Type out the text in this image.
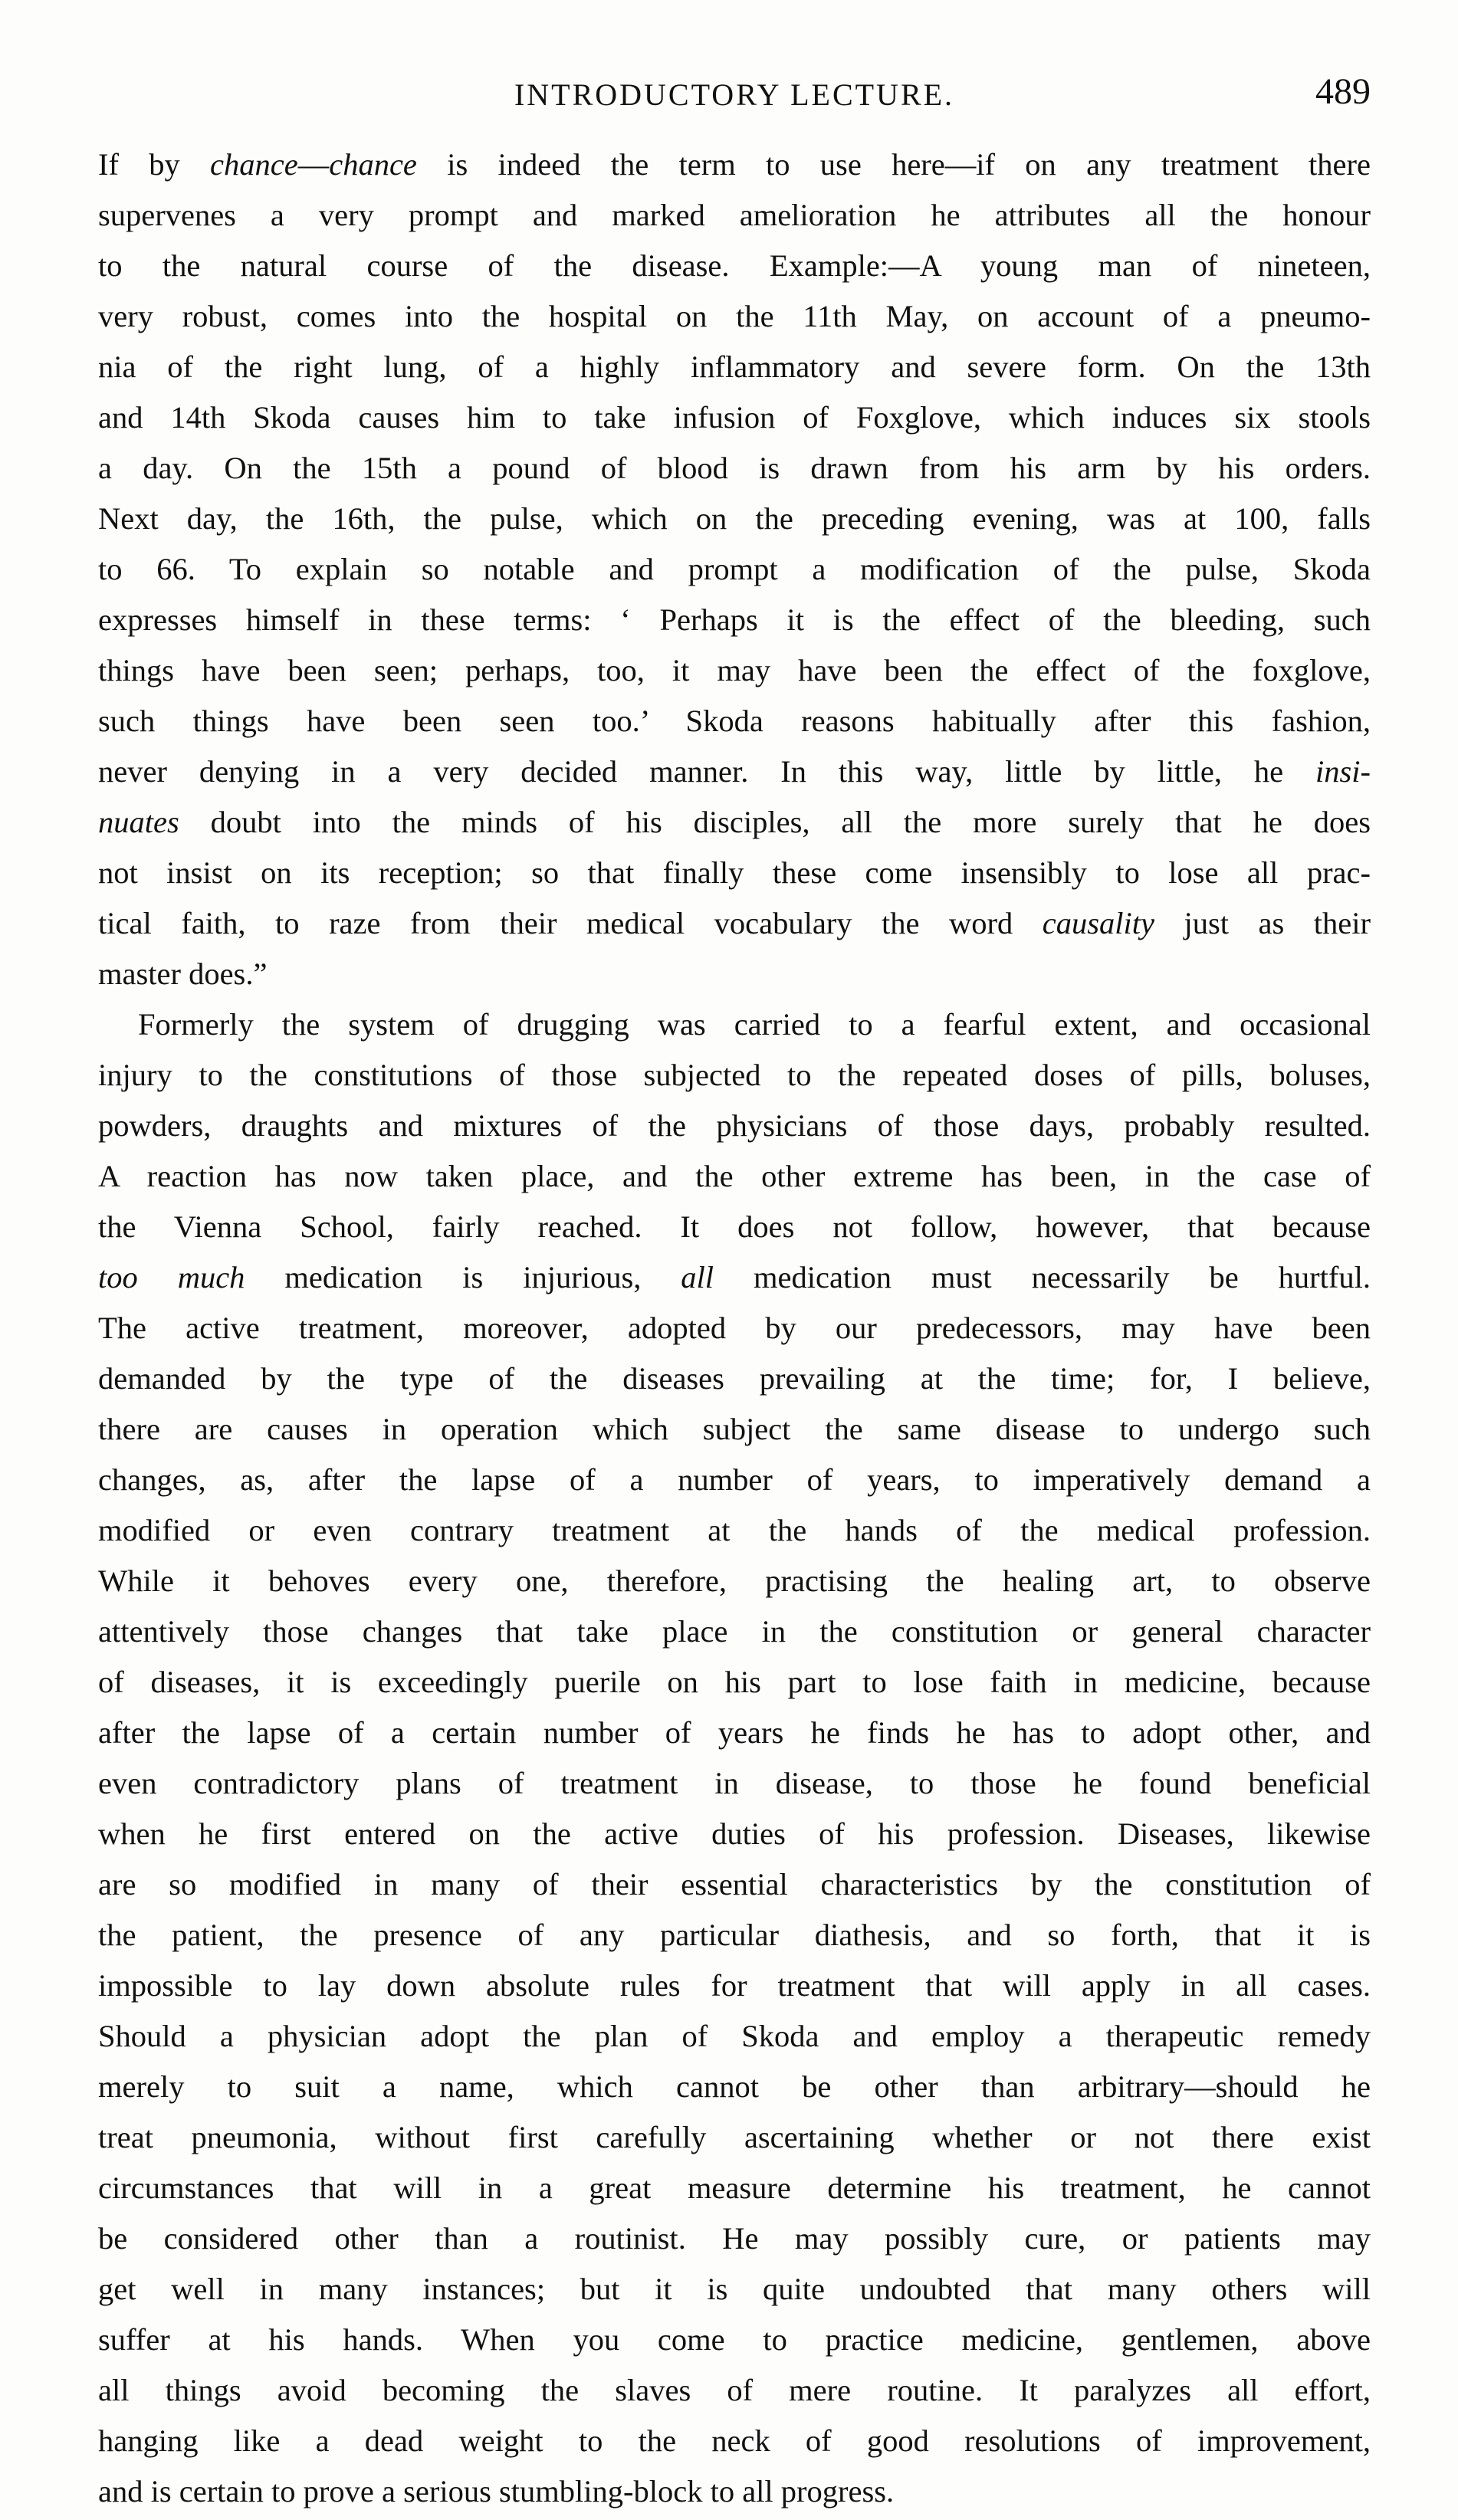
INTRODUCTORY LECTURE.	489

If by chance—chance is indeed the term to use here—if on any treatment there
supervenes a very prompt and marked amelioration he attributes all the honour
to the natural course of the disease. Example:—A young man of nineteen,
very robust, comes into the hospital on the 11th May, on account of a pneumo-
nia of the right lung, of a highly inflammatory and severe form. On the 13th
and 14th Skoda causes him to take infusion of Foxglove, which induces six stools
a day. On the 15th a pound of blood is drawn from his arm by his orders.
Next day, the 16th, the pulse, which on the preceding evening, was at 100, falls
to 66. To explain so notable and prompt a modification of the pulse, Skoda
expresses himself in these terms: ‘ Perhaps it is the effect of the bleeding, such
things have been seen; perhaps, too, it may have been the effect of the foxglove,
such things have been seen too.’ Skoda reasons habitually after this fashion,
never denying in a very decided manner. In this way, little by little, he insi-
nuates doubt into the minds of his disciples, all the more surely that he does
not insist on its reception; so that finally these come insensibly to lose all prac-
tical faith, to raze from their medical vocabulary the word causality just as their
master does.”

Formerly the system of drugging was carried to a fearful extent, and occasional
injury to the constitutions of those subjected to the repeated doses of pills, boluses,
powders, draughts and mixtures of the physicians of those days, probably resulted.
A reaction has now taken place, and the other extreme has been, in the case of
the Vienna School, fairly reached. It does not follow, however, that because
too much medication is injurious, all medication must necessarily be hurtful.
The active treatment, moreover, adopted by our predecessors, may have been
demanded by the type of the diseases prevailing at the time; for, I believe,
there are causes in operation which subject the same disease to undergo such
changes, as, after the lapse of a number of years, to imperatively demand a
modified or even contrary treatment at the hands of the medical profession.
While it behoves every one, therefore, practising the healing art, to observe
attentively those changes that take place in the constitution or general character
of diseases, it is exceedingly puerile on his part to lose faith in medicine, because
after the lapse of a certain number of years he finds he has to adopt other, and
even contradictory plans of treatment in disease, to those he found beneficial
when he first entered on the active duties of his profession. Diseases, likewise
are so modified in many of their essential characteristics by the constitution of
the patient, the presence of any particular diathesis, and so forth, that it is
impossible to lay down absolute rules for treatment that will apply in all cases.
Should a physician adopt the plan of Skoda and employ a therapeutic remedy
merely to suit a name, which cannot be other than arbitrary—should he
treat pneumonia, without first carefully ascertaining whether or not there exist
circumstances that will in a great measure determine his treatment, he cannot
be considered other than a routinist. He may possibly cure, or patients may
get well in many instances; but it is quite undoubted that many others will
suffer at his hands. When you come to practice medicine, gentlemen, above
all things avoid becoming the slaves of mere routine. It paralyzes all effort,
hanging like a dead weight to the neck of good resolutions of improvement,
and is certain to prove a serious stumbling-block to all progress.
